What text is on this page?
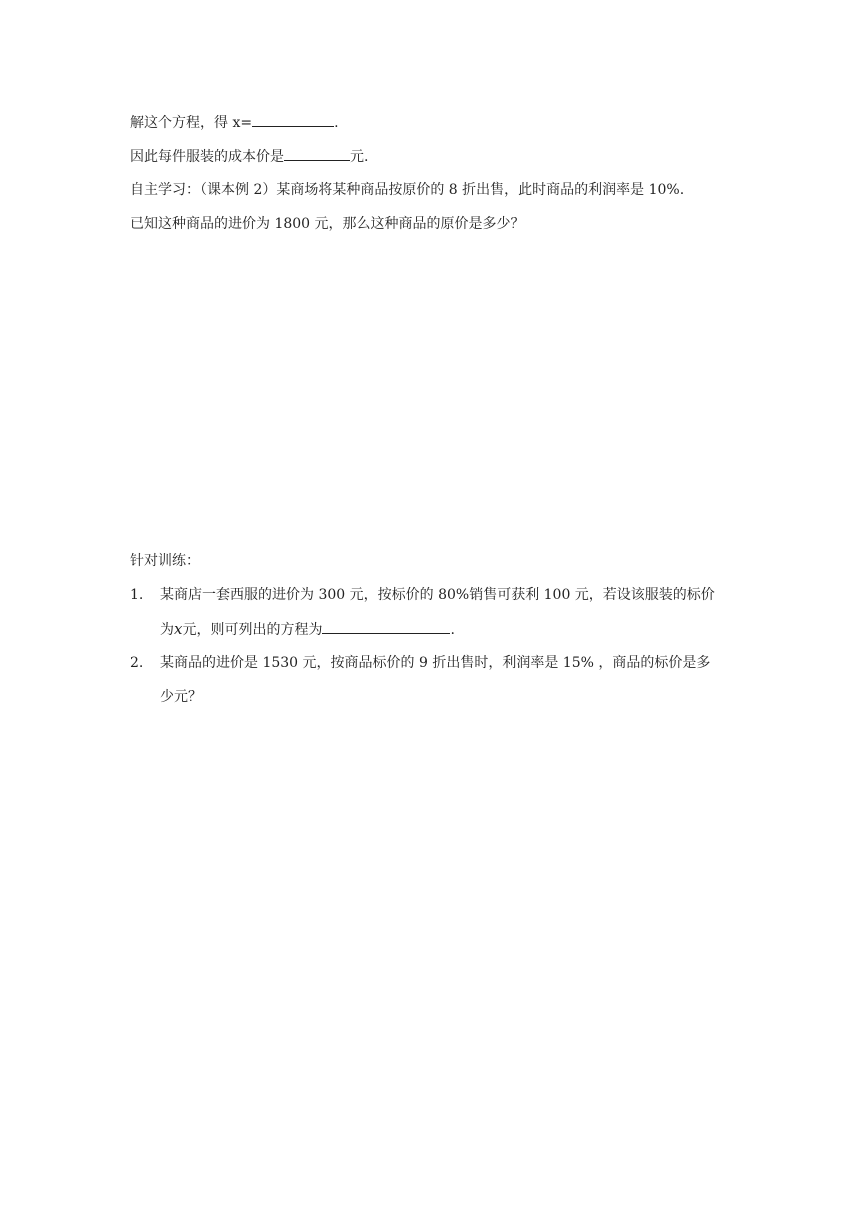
解这个方程，得 x=	.
因此每件服装的成本价是	元.
自主学习：（课本例 2）某商场将某种商品按原价的 8 折出售，此时商品的利润率是 10%.
已知这种商品的进价为 1800 元，那么这种商品的原价是多少？
针对训练：
1. 某商店一套西服的进价为 300 元，按标价的 80%销售可获利 100 元，若设该服装的标价
为x元，则可列出的方程为	.
2. 某商品的进价是 1530 元，按商品标价的 9 折出售时，利润率是 15% ，商品的标价是多
少元？
